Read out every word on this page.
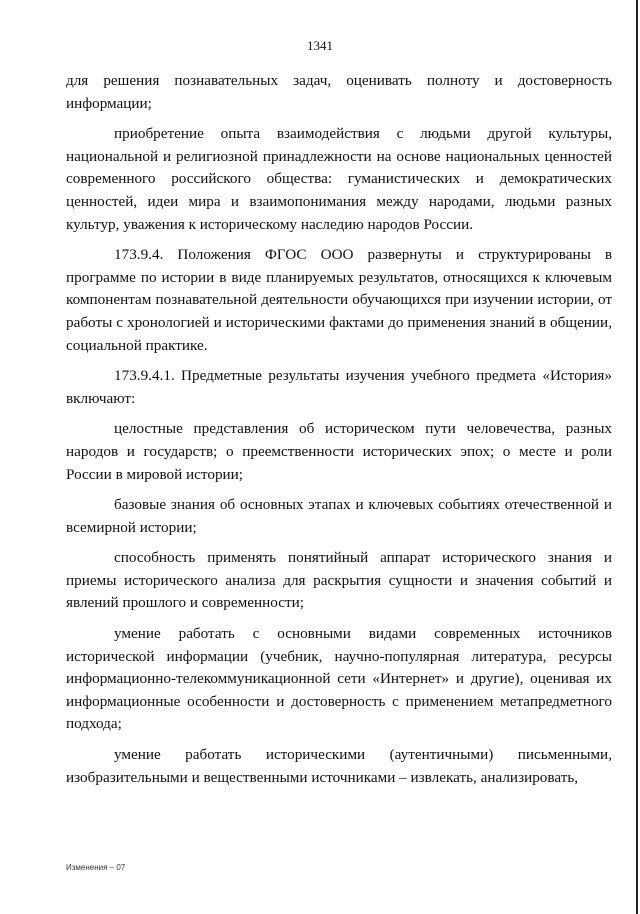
1341

для решения познавательных задач, оценивать полноту и достоверность информации;

приобретение опыта взаимодействия с людьми другой культуры, национальной и религиозной принадлежности на основе национальных ценностей современного российского общества: гуманистических и демократических ценностей, идеи мира и взаимопонимания между народами, людьми разных культур, уважения к историческому наследию народов России.

173.9.4. Положения ФГОС ООО развернуты и структурированы в программе по истории в виде планируемых результатов, относящихся к ключевым компонентам познавательной деятельности обучающихся при изучении истории, от работы с хронологией и историческими фактами до применения знаний в общении, социальной практике.

173.9.4.1. Предметные результаты изучения учебного предмета «История» включают:

целостные представления об историческом пути человечества, разных народов и государств; о преемственности исторических эпох; о месте и роли России в мировой истории;

базовые знания об основных этапах и ключевых событиях отечественной и всемирной истории;

способность применять понятийный аппарат исторического знания и приемы исторического анализа для раскрытия сущности и значения событий и явлений прошлого и современности;

умение работать с основными видами современных источников исторической информации (учебник, научно-популярная литература, ресурсы информационно-телекоммуникационной сети «Интернет» и другие), оценивая их информационные особенности и достоверность с применением метапредметного подхода;

умение работать историческими (аутентичными) письменными, изобразительными и вещественными источниками – извлекать, анализировать,

Изменения – 07
